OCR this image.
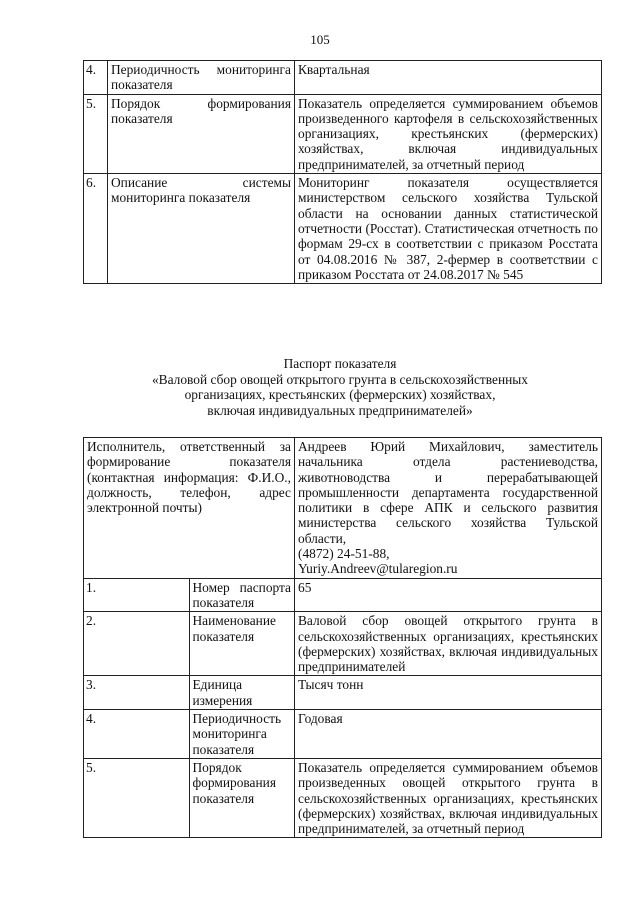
105
4.	Периодичность мониторинга показателя	Квартальная
5.	Порядок формирования показателя	Показатель определяется суммированием объемов произведенного картофеля в сельскохозяйственных организациях, крестьянских (фермерских) хозяйствах, включая индивидуальных предпринимателей, за отчетный период
6.	Описание системы мониторинга показателя	Мониторинг показателя осуществляется министерством сельского хозяйства Тульской области на основании данных статистической отчетности (Росстат). Статистическая отчетность по формам 29-сх в соответствии с приказом Росстата от 04.08.2016 № 387, 2-фермер в соответствии с приказом Росстата от 24.08.2017 № 545
Паспорт показателя
«Валовой сбор овощей открытого грунта в сельскохозяйственных
организациях, крестьянских (фермерских) хозяйствах,
включая индивидуальных предпринимателей»
Исполнитель, ответственный за формирование показателя (контактная информация: Ф.И.О., должность, телефон, адрес электронной почты)		Андреев Юрий Михайлович, заместитель начальника отдела растениеводства, животноводства и перерабатывающей промышленности департамента государственной политики в сфере АПК и сельского развития министерства сельского хозяйства Тульской области,
(4872) 24-51-88,
Yuriy.Andreev@tularegion.ru

1.	Номер паспорта показателя	65
2.	Наименование показателя	Валовой сбор овощей открытого грунта в сельскохозяйственных организациях, крестьянских (фермерских) хозяйствах, включая индивидуальных предпринимателей
3.	Единица измерения	Тысяч тонн
4.	Периодичность мониторинга показателя	Годовая
5.	Порядок формирования показателя	Показатель определяется суммированием объемов произведенных овощей открытого грунта в сельскохозяйственных организациях, крестьянских (фермерских) хозяйствах, включая индивидуальных предпринимателей, за отчетный период
